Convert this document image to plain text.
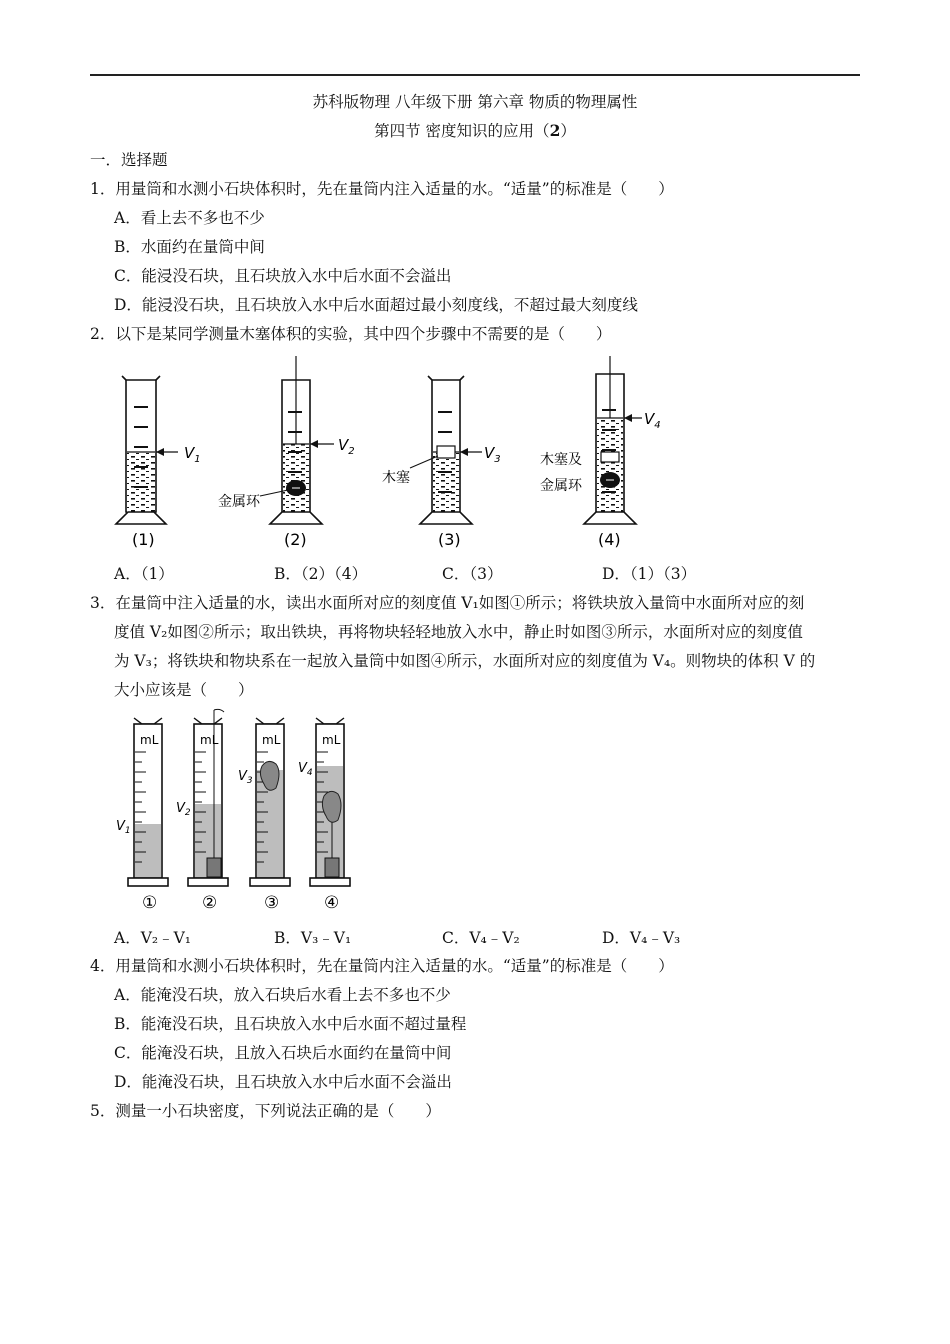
苏科版物理 八年级下册 第六章 物质的物理属性
第四节 密度知识的应用（2）
一．选择题
1．用量筒和水测小石块体积时，先在量筒内注入适量的水。“适量”的标准是（　　）
A．看上去不多也不少
B．水面约在量筒中间
C．能浸没石块，且石块放入水中后水面不会溢出
D．能浸没石块，且石块放入水中后水面超过最小刻度线，不超过最大刻度线
2．以下是某同学测量木塞体积的实验，其中四个步骤中不需要的是（　　）
$V_1$
(1)
$V_2$
金属环
(2)
$V_3$
木塞
(3)
$V_4$
木塞及
金属环
(4)
A．（1）	B．（2）（4）	C．（3）	D．（1）（3）
3．在量筒中注入适量的水，读出水面所对应的刻度值 V₁如图①所示；将铁块放入量筒中水面所对应的刻
度值 V₂如图②所示；取出铁块，再将物块轻轻地放入水中，静止时如图③所示，水面所对应的刻度值
为 V₃；将铁块和物块系在一起放入量筒中如图④所示，水面所对应的刻度值为 V₄。则物块的体积 V 的
大小应该是（　　）
mL
$V_1$
①
mL
$V_2$
②
mL
$V_3$
③
mL
$V_4$
④
A．V₂﹣V₁	B．V₃﹣V₁	C．V₄﹣V₂	D．V₄﹣V₃
4．用量筒和水测小石块体积时，先在量筒内注入适量的水。“适量”的标准是（　　）
A．能淹没石块，放入石块后水看上去不多也不少
B．能淹没石块，且石块放入水中后水面不超过量程
C．能淹没石块，且放入石块后水面约在量筒中间
D．能淹没石块，且石块放入水中后水面不会溢出
5．测量一小石块密度，下列说法正确的是（　　）
